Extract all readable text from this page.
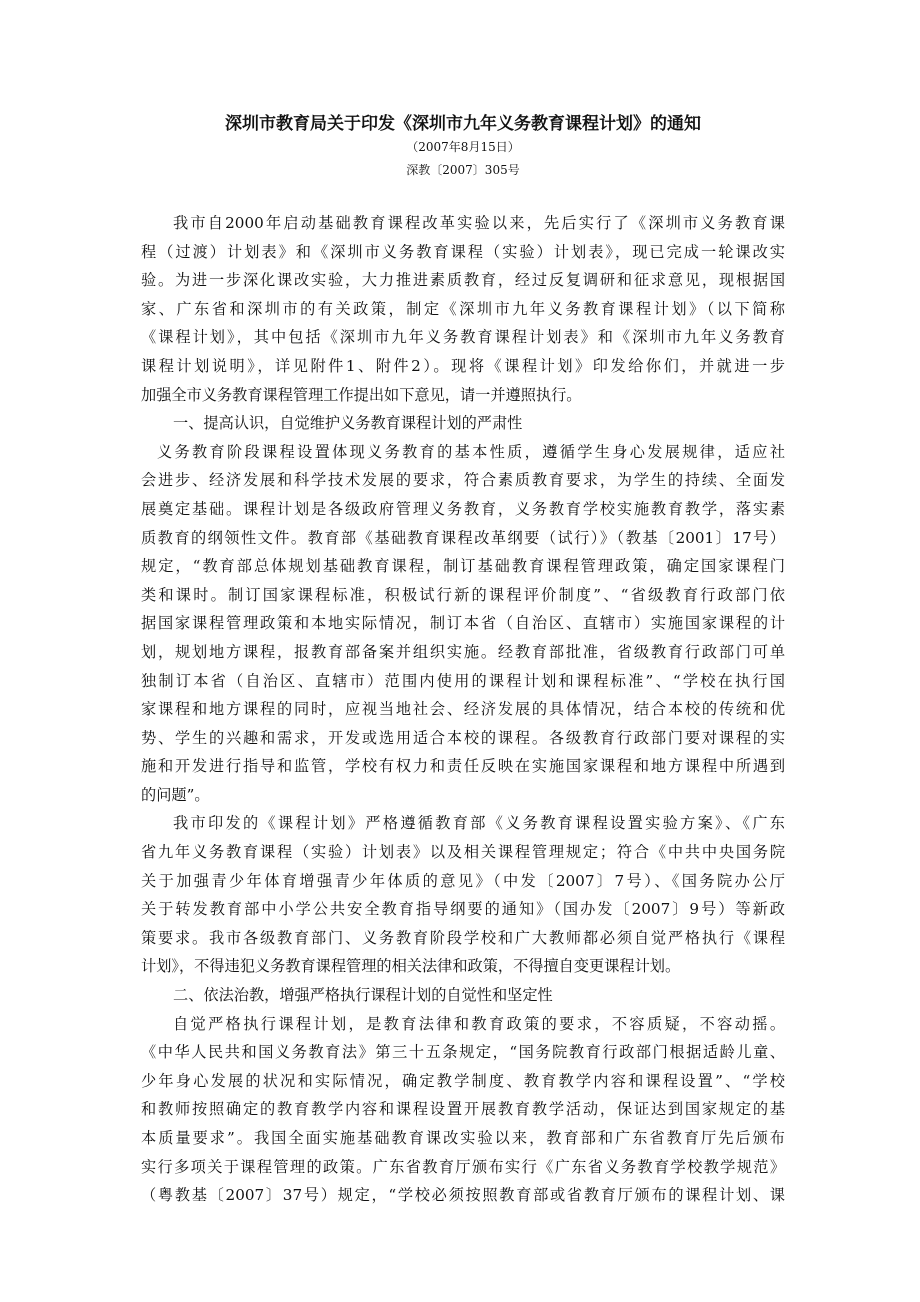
深圳市教育局关于印发《深圳市九年义务教育课程计划》的通知
（2007年8月15日）
深教〔2007〕305号
我市自2000年启动基础教育课程改革实验以来，先后实行了《深圳市义务教育课
程（过渡）计划表》和《深圳市义务教育课程（实验）计划表》，现已完成一轮课改实
验。为进一步深化课改实验，大力推进素质教育，经过反复调研和征求意见，现根据国
家、广东省和深圳市的有关政策，制定《深圳市九年义务教育课程计划》（以下简称
《课程计划》，其中包括《深圳市九年义务教育课程计划表》和《深圳市九年义务教育
课程计划说明》，详见附件1、附件2）。现将《课程计划》印发给你们，并就进一步
加强全市义务教育课程管理工作提出如下意见，请一并遵照执行。
一、提高认识，自觉维护义务教育课程计划的严肃性
义务教育阶段课程设置体现义务教育的基本性质，遵循学生身心发展规律，适应社
会进步、经济发展和科学技术发展的要求，符合素质教育要求，为学生的持续、全面发
展奠定基础。课程计划是各级政府管理义务教育，义务教育学校实施教育教学，落实素
质教育的纲领性文件。教育部《基础教育课程改革纲要（试行）》（教基〔2001〕17号）
规定，“教育部总体规划基础教育课程，制订基础教育课程管理政策，确定国家课程门
类和课时。制订国家课程标准，积极试行新的课程评价制度”、“省级教育行政部门依
据国家课程管理政策和本地实际情况，制订本省（自治区、直辖市）实施国家课程的计
划，规划地方课程，报教育部备案并组织实施。经教育部批准，省级教育行政部门可单
独制订本省（自治区、直辖市）范围内使用的课程计划和课程标准”、“学校在执行国
家课程和地方课程的同时，应视当地社会、经济发展的具体情况，结合本校的传统和优
势、学生的兴趣和需求，开发或选用适合本校的课程。各级教育行政部门要对课程的实
施和开发进行指导和监管，学校有权力和责任反映在实施国家课程和地方课程中所遇到
的问题”。
我市印发的《课程计划》严格遵循教育部《义务教育课程设置实验方案》、《广东
省九年义务教育课程（实验）计划表》以及相关课程管理规定；符合《中共中央国务院
关于加强青少年体育增强青少年体质的意见》（中发〔2007〕7号）、《国务院办公厅
关于转发教育部中小学公共安全教育指导纲要的通知》（国办发〔2007〕9号）等新政
策要求。我市各级教育部门、义务教育阶段学校和广大教师都必须自觉严格执行《课程
计划》，不得违犯义务教育课程管理的相关法律和政策，不得擅自变更课程计划。
二、依法治教，增强严格执行课程计划的自觉性和坚定性
自觉严格执行课程计划，是教育法律和教育政策的要求，不容质疑，不容动摇。
《中华人民共和国义务教育法》第三十五条规定，“国务院教育行政部门根据适龄儿童、
少年身心发展的状况和实际情况，确定教学制度、教育教学内容和课程设置”、“学校
和教师按照确定的教育教学内容和课程设置开展教育教学活动，保证达到国家规定的基
本质量要求”。我国全面实施基础教育课改实验以来，教育部和广东省教育厅先后颁布
实行多项关于课程管理的政策。广东省教育厅颁布实行《广东省义务教育学校教学规范》
（粤教基〔2007〕37号）规定，“学校必须按照教育部或省教育厅颁布的课程计划、课
